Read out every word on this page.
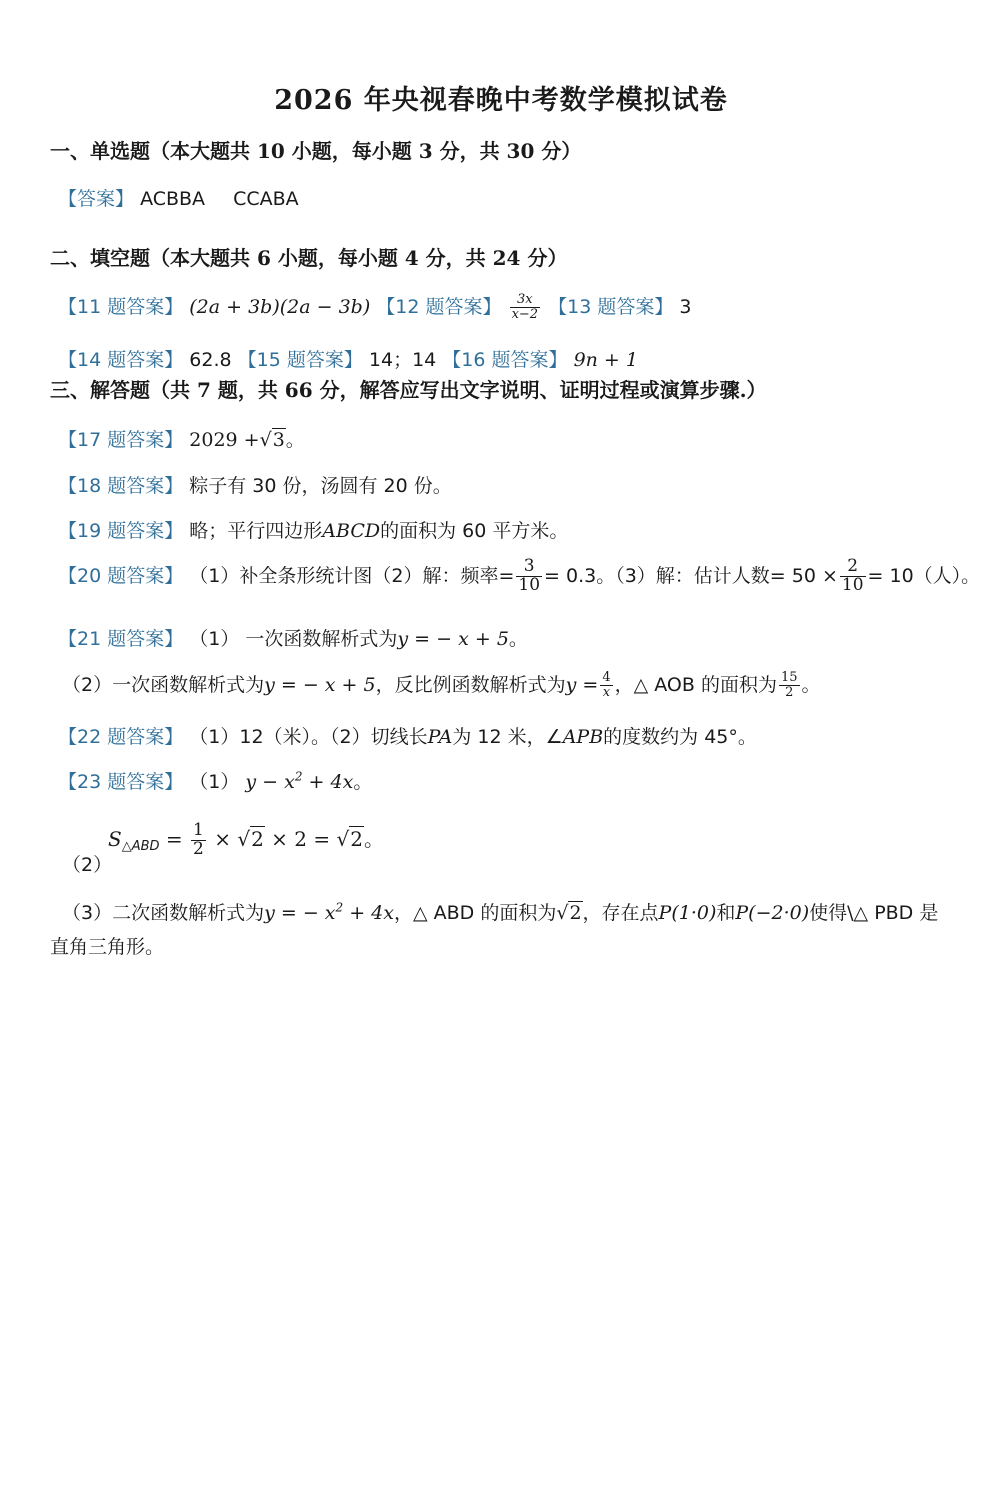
2026 年央视春晚中考数学模拟试卷
一、单选题（本大题共 10 小题，每小题 3 分，共 30 分）
【答案】 ACBBA CCABA
二、填空题（本大题共 6 小题，每小题 4 分，共 24 分）
【11 题答案】 (2a + 3b)(2a − 3b) 【12 题答案】 $\frac{3x}{x-2}$ 【13 题答案】 3
【14 题答案】 62.8 【15 题答案】 14；14 【16 题答案】 9n + 1
三、解答题（共 7 题，共 66 分，解答应写出文字说明、证明过程或演算步骤.）
【17 题答案】 2029 +√3。
【18 题答案】 粽子有 30 份，汤圆有 20 份。
【19 题答案】 略；平行四边形ABCD的面积为 60 平方米。
【20 题答案】 （1）补全条形统计图（2）解：频率= $\frac{3}{10} = 0.3$。（3）解：估计人数= $50 \times \frac{2}{10} = 10$（人）。
【21 题答案】 （1） 一次函数解析式为y = − x + 5。
（2）一次函数解析式为y = − x + 5，反比例函数解析式为$y = \frac{4}{x}$ ，△ AOB 的面积为 $\frac{15}{2}$ 。
【22 题答案】 （1）12（米）。（2）切线长PA为 12 米，∠APB的度数约为 45°。
【23 题答案】 （1） $y - x^2 + 4x$。
$S_{\triangle ABD} = \frac{1}{2} \times √2 \times 2 = √2$。
（2）
（3）二次函数解析式为y = − $x^2 + 4x$，△ ABD 的面积为√2，存在点P(1·0)和P(−2·0)使得\△ PBD 是
直角三角形。
